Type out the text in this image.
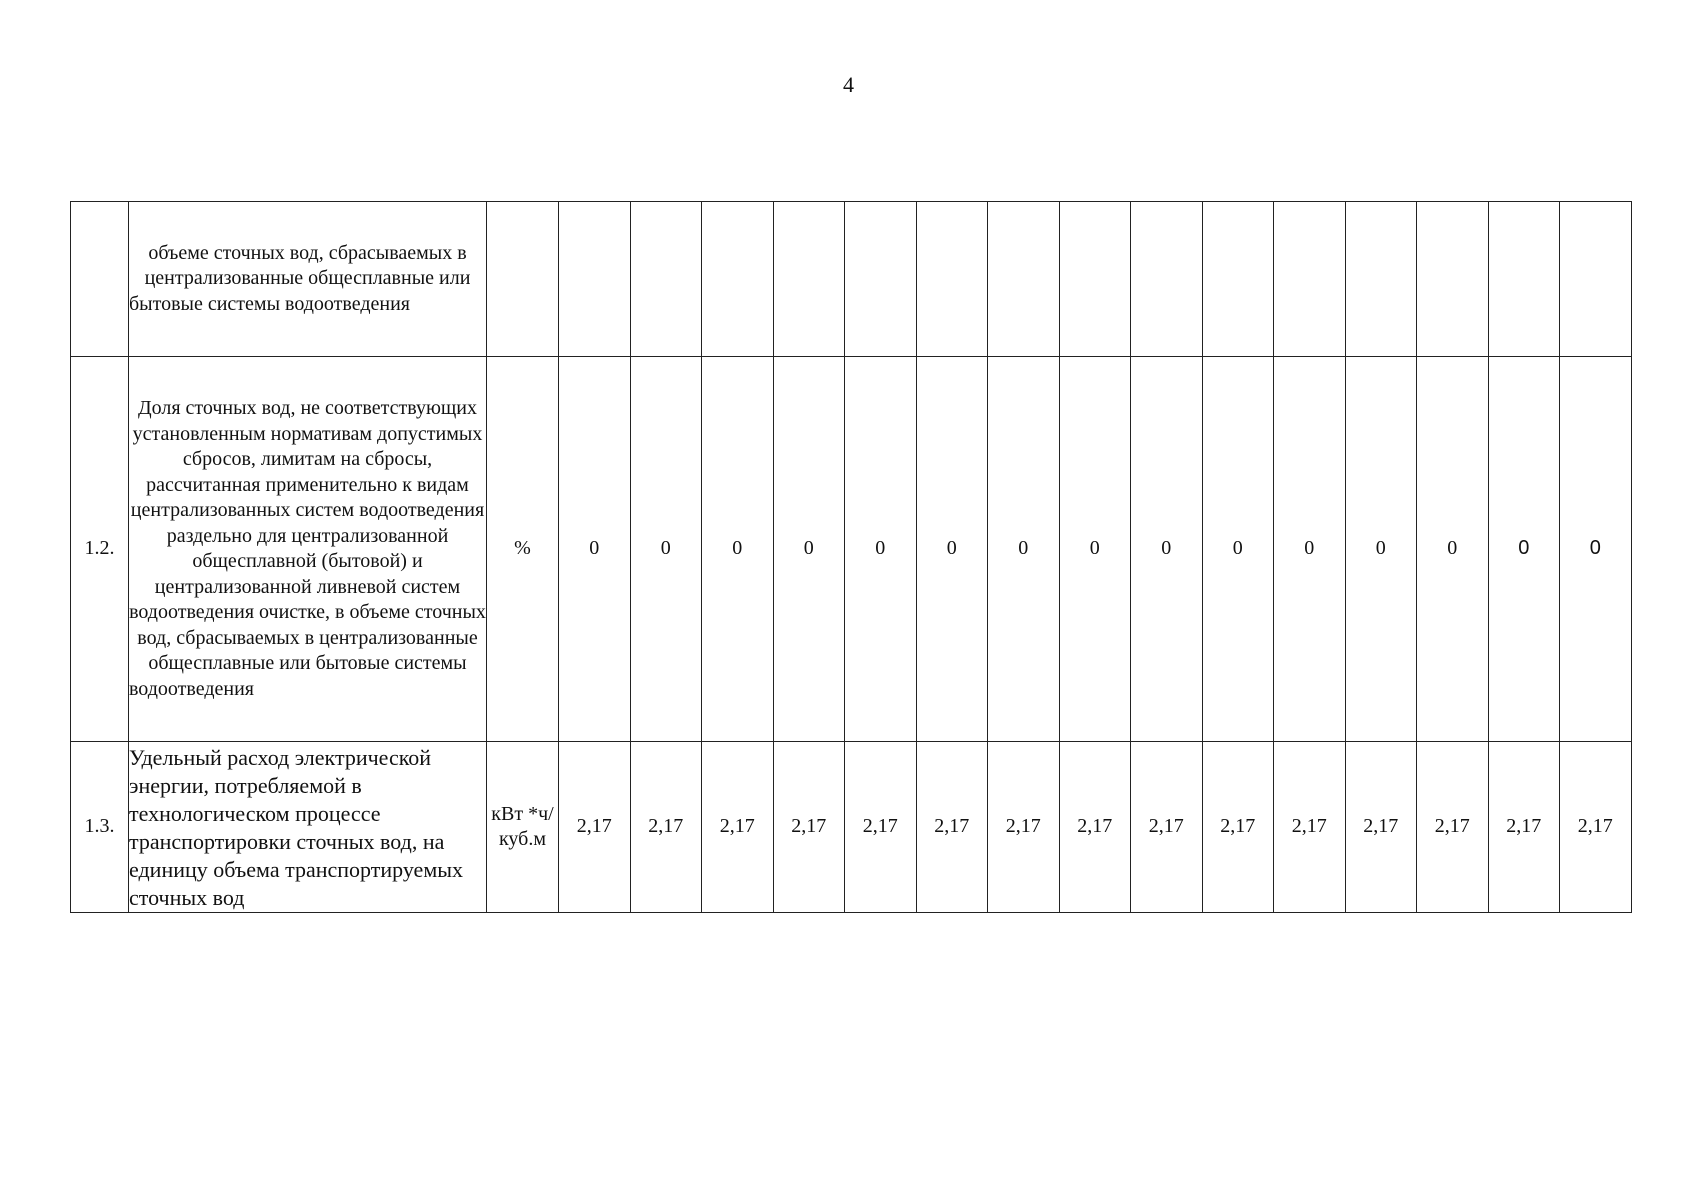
4
	объеме сточных вод, сбрасываемых в централизованные общесплавные или бытовые системы водоотведения																
1.2.	Доля сточных вод, не соответствующих установленным нормативам допустимых сбросов, лимитам на сбросы, рассчитанная применительно к видам централизованных систем водоотведения раздельно для централизованной общесплавной (бытовой) и централизованной ливневой систем водоотведения очистке, в объеме сточных вод, сбрасываемых в централизованные общесплавные или бытовые системы водоотведения	%	0	0	0	0	0	0	0	0	0	0	0	0	0	0	0
1.3.	Удельный расход электрической энергии, потребляемой в технологическом процессе транспортировки сточных вод, на единицу объема транспортируемых сточных вод	кВт *ч/куб.м	2,17	2,17	2,17	2,17	2,17	2,17	2,17	2,17	2,17	2,17	2,17	2,17	2,17	2,17	2,17
